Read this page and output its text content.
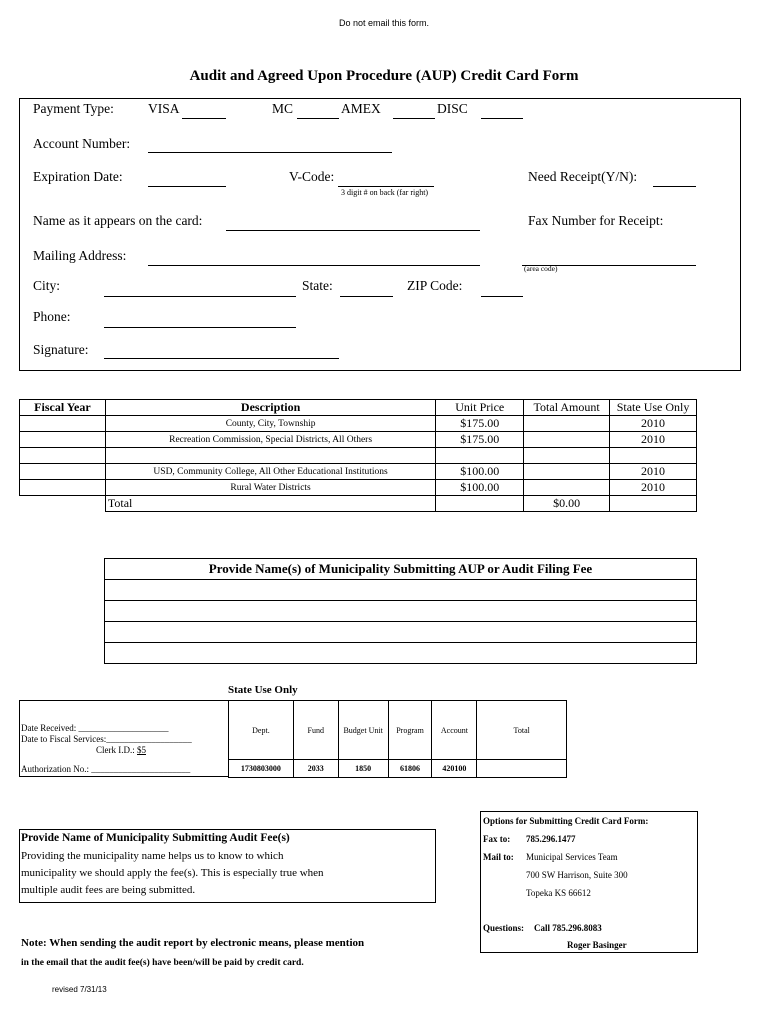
Do not email this form.
Audit and Agreed Upon Procedure (AUP) Credit Card Form
Payment Type:	VISA	MC	AMEX	DISC
Account Number:
Expiration Date:	V-Code:
3 digit # on back (far right)
Need Receipt(Y/N):
Name as it appears on the card:	Fax Number for Receipt:
Mailing Address:
(area code)
City:	State:	ZIP Code:
Phone:
Signature:
Fiscal Year	Description	Unit Price	Total Amount	State Use Only
	County, City, Township	$175.00		2010
	Recreation Commission, Special Districts, All Others	$175.00		2010

	USD, Community College, All Other Educational Institutions	$100.00		2010
	Rural Water Districts	$100.00		2010
	Total		$0.00	
Provide Name(s) of Municipality Submitting AUP or Audit Filing Fee

State Use Only
Date Received: ____________________
Date to Fiscal Services:___________________
Clerk I.D.: $5
Authorization No.: ______________________
Dept.	Fund	Budget Unit	Program	Account	Total
1730803000	2033	1850	61806	420100	
Provide Name of Municipality Submitting Audit Fee(s)
Providing the municipality name helps us to know to which
municipality we should apply the fee(s). This is especially true when
multiple audit fees are being submitted.
Options for Submitting Credit Card Form:
Fax to: 785.296.1477
Mail to: Municipal Services Team
700 SW Harrison, Suite 300
Topeka KS 66612
Questions: Call 785.296.8083
Roger Basinger
Note: When sending the audit report by electronic means, please mention
in the email that the audit fee(s) have been/will be paid by credit card.
revised 7/31/13
